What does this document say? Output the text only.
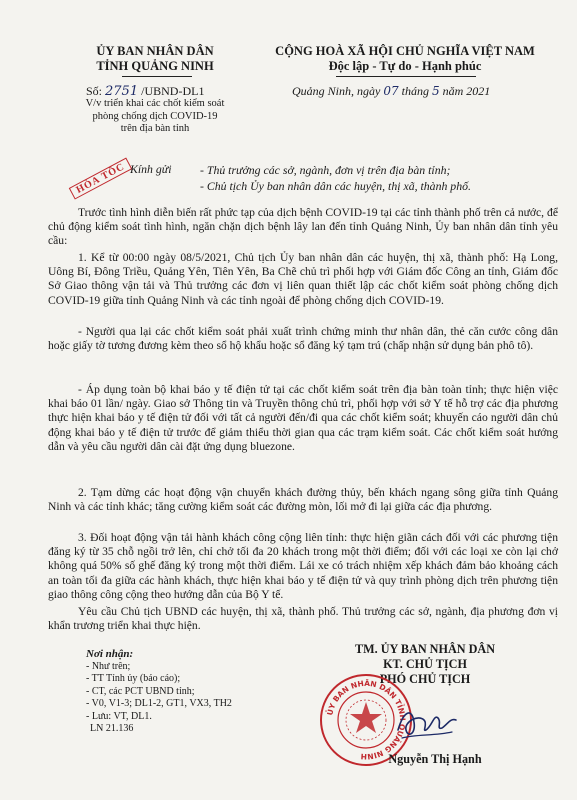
ỦY BAN NHÂN DÂN
TỈNH QUẢNG NINH
CỘNG HOÀ XÃ HỘI CHỦ NGHĨA VIỆT NAM
Độc lập - Tự do - Hạnh phúc
Số: 2751 /UBND-DL1
V/v triển khai các chốt kiểm soát
phòng chống dịch COVID-19
trên địa bàn tỉnh
Quảng Ninh, ngày 07 tháng 5 năm 2021
HỎA TỐC Kính gửi - Thủ trưởng các sở, ngành, đơn vị trên địa bàn tỉnh;
- Chủ tịch Ủy ban nhân dân các huyện, thị xã, thành phố.

Trước tình hình diễn biến rất phức tạp của dịch bệnh COVID-19 tại các tỉnh thành phố trên cả nước, để chủ động kiểm soát tình hình, ngăn chặn dịch bệnh lây lan đến tỉnh Quảng Ninh, Ủy ban nhân dân tỉnh yêu cầu:

1. Kể từ 00:00 ngày 08/5/2021, Chủ tịch Ủy ban nhân dân các huyện, thị xã, thành phố: Hạ Long, Uông Bí, Đông Triều, Quảng Yên, Tiên Yên, Ba Chẽ chủ trì phối hợp với Giám đốc Công an tỉnh, Giám đốc Sở Giao thông vận tải và Thủ trưởng các đơn vị liên quan thiết lập các chốt kiểm soát phòng chống dịch COVID-19 giữa tỉnh Quảng Ninh và các tỉnh ngoài để phòng chống dịch COVID-19.

- Người qua lại các chốt kiểm soát phải xuất trình chứng minh thư nhân dân, thẻ căn cước công dân hoặc giấy tờ tương đương kèm theo sổ hộ khẩu hoặc sổ đăng ký tạm trú (chấp nhận sử dụng bản phô tô).

- Áp dụng toàn bộ khai báo y tế điện tử tại các chốt kiểm soát trên địa bàn toàn tỉnh; thực hiện việc khai báo 01 lần/ ngày. Giao sở Thông tin và Truyền thông chủ trì, phối hợp với sở Y tế hỗ trợ các địa phương thực hiện khai báo y tế điện tử đối với tất cả người đến/đi qua các chốt kiểm soát; khuyến cáo người dân chủ động khai báo y tế điện tử trước để giảm thiểu thời gian qua các trạm kiểm soát. Các chốt kiểm soát hướng dẫn và yêu cầu người dân cài đặt ứng dụng bluezone.

2. Tạm dừng các hoạt động vận chuyển khách đường thủy, bến khách ngang sông giữa tỉnh Quảng Ninh và các tỉnh khác; tăng cường kiểm soát các đường mòn, lối mở đi lại giữa các địa phương.

3. Đối hoạt động vận tải hành khách công cộng liên tỉnh: thực hiện giãn cách đối với các phương tiện đăng ký từ 35 chỗ ngồi trở lên, chỉ chở tối đa 20 khách trong một thời điểm; đối với các loại xe còn lại chở không quá 50% số ghế đăng ký trong một thời điểm. Lái xe có trách nhiệm xếp khách đảm bảo khoảng cách an toàn tối đa giữa các hành khách, thực hiện khai báo y tế điện tử và quy trình phòng dịch trên phương tiện giao thông công cộng theo hướng dẫn của Bộ Y tế.

Yêu cầu Chủ tịch UBND các huyện, thị xã, thành phố. Thủ trưởng các sở, ngành, địa phương đơn vị khẩn trương triển khai thực hiện.

Nơi nhận:
- Như trên;
- TT Tỉnh ủy (báo cáo);
- CT, các PCT UBND tỉnh;
- V0, V1-3; DL1-2, GT1, VX3, TH2
- Lưu: VT, DL1.
LN 21.136
TM. ỦY BAN NHÂN DÂN
KT. CHỦ TỊCH
PHÓ CHỦ TỊCH
ỦY BAN NHÂN DÂN TỈNH QUẢNG NINH	Nguyễn Thị Hạnh
